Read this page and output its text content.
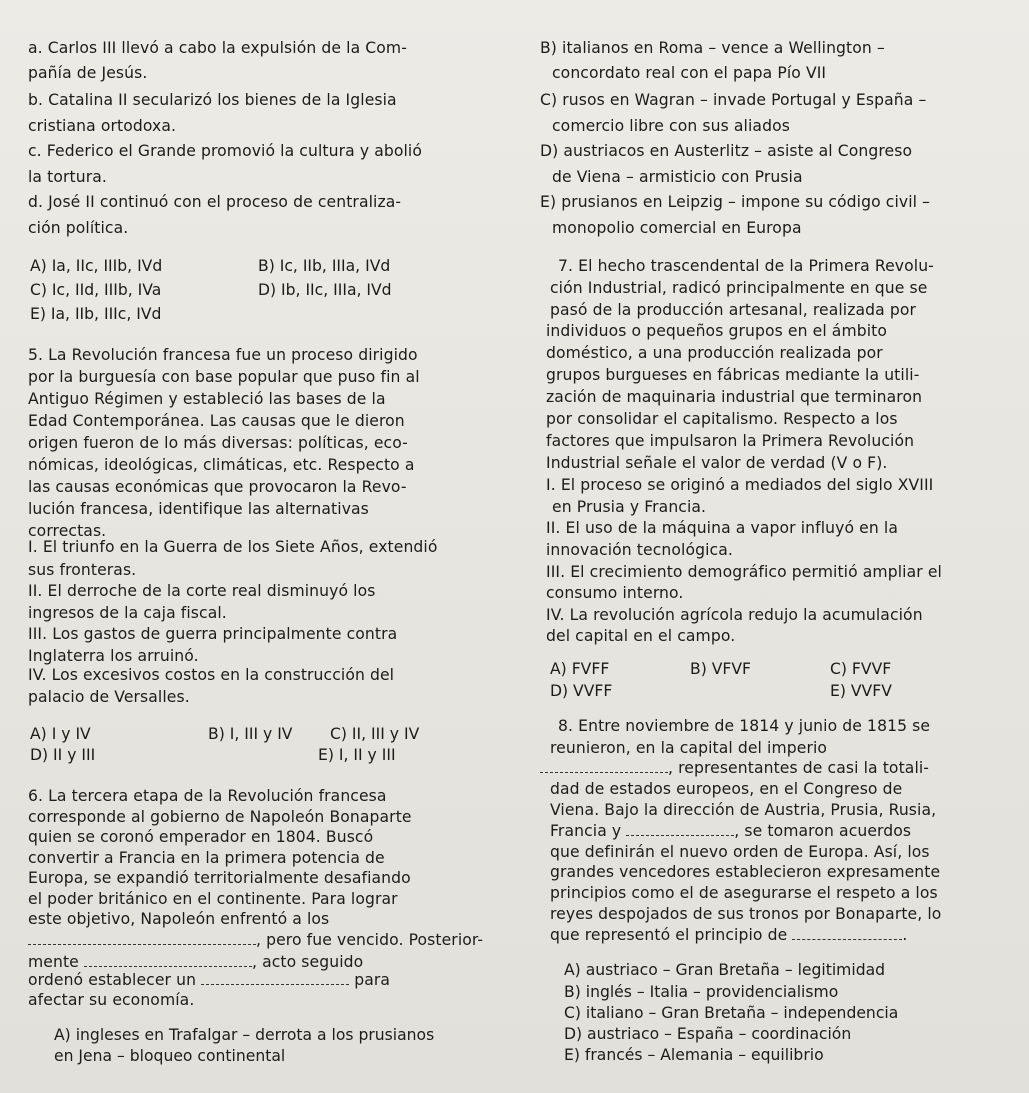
a. Carlos III llevó a cabo la expulsión de la Com-
pañía de Jesús.
b. Catalina II secularizó los bienes de la Iglesia
cristiana ortodoxa.
c. Federico el Grande promovió la cultura y abolió
la tortura.
d. José II continuó con el proceso de centraliza-
ción política.
A) Ia, IIc, IIIb, IVd	B) Ic, IIb, IIIa, IVd
C) Ic, IId, IIIb, IVa	D) Ib, IIc, IIIa, IVd
E) Ia, IIb, IIIc, IVd
5. La Revolución francesa fue un proceso dirigido
por la burguesía con base popular que puso fin al
Antiguo Régimen y estableció las bases de la
Edad Contemporánea. Las causas que le dieron
origen fueron de lo más diversas: políticas, eco-
nómicas, ideológicas, climáticas, etc. Respecto a
las causas económicas que provocaron la Revo-
lución francesa, identifique las alternativas
correctas.
I. El triunfo en la Guerra de los Siete Años, extendió
sus fronteras.
II. El derroche de la corte real disminuyó los
ingresos de la caja fiscal.
III. Los gastos de guerra principalmente contra
Inglaterra los arruinó.
IV. Los excesivos costos en la construcción del
palacio de Versalles.
A) I y IV	B) I, III y IV C) II, III y IV
D) II y III	E) I, II y III
6. La tercera etapa de la Revolución francesa
corresponde al gobierno de Napoleón Bonaparte
quien se coronó emperador en 1804. Buscó
convertir a Francia en la primera potencia de
Europa, se expandió territorialmente desafiando
el poder británico en el continente. Para lograr
este objetivo, Napoleón enfrentó a los
, pero fue vencido. Posterior-
mente	, acto seguido
ordenó establecer un	para
afectar su economía.
A) ingleses en Trafalgar – derrota a los prusianos
en Jena – bloqueo continental
B) italianos en Roma – vence a Wellington –
concordato real con el papa Pío VII
C) rusos en Wagran – invade Portugal y España –
comercio libre con sus aliados
D) austriacos en Austerlitz – asiste al Congreso
de Viena – armisticio con Prusia
E) prusianos en Leipzig – impone su código civil –
monopolio comercial en Europa
7. El hecho trascendental de la Primera Revolu-
ción Industrial, radicó principalmente en que se
pasó de la producción artesanal, realizada por
individuos o pequeños grupos en el ámbito
doméstico, a una producción realizada por
grupos burgueses en fábricas mediante la utili-
zación de maquinaria industrial que terminaron
por consolidar el capitalismo. Respecto a los
factores que impulsaron la Primera Revolución
Industrial señale el valor de verdad (V o F).
I. El proceso se originó a mediados del siglo XVIII
en Prusia y Francia.
II. El uso de la máquina a vapor influyó en la
innovación tecnológica.
III. El crecimiento demográfico permitió ampliar el
consumo interno.
IV. La revolución agrícola redujo la acumulación
del capital en el campo.
A) FVFF	B) VFVF	C) FVVF
D) VVFF	E) VVFV
8. Entre noviembre de 1814 y junio de 1815 se
reunieron, en la capital del imperio
, representantes de casi la totali-
dad de estados europeos, en el Congreso de
Viena. Bajo la dirección de Austria, Prusia, Rusia,
Francia y	, se tomaron acuerdos
que definirán el nuevo orden de Europa. Así, los
grandes vencedores establecieron expresamente
principios como el de asegurarse el respeto a los
reyes despojados de sus tronos por Bonaparte, lo
que representó el principio de	.
A) austriaco – Gran Bretaña – legitimidad
B) inglés – Italia – providencialismo
C) italiano – Gran Bretaña – independencia
D) austriaco – España – coordinación
E) francés – Alemania – equilibrio
